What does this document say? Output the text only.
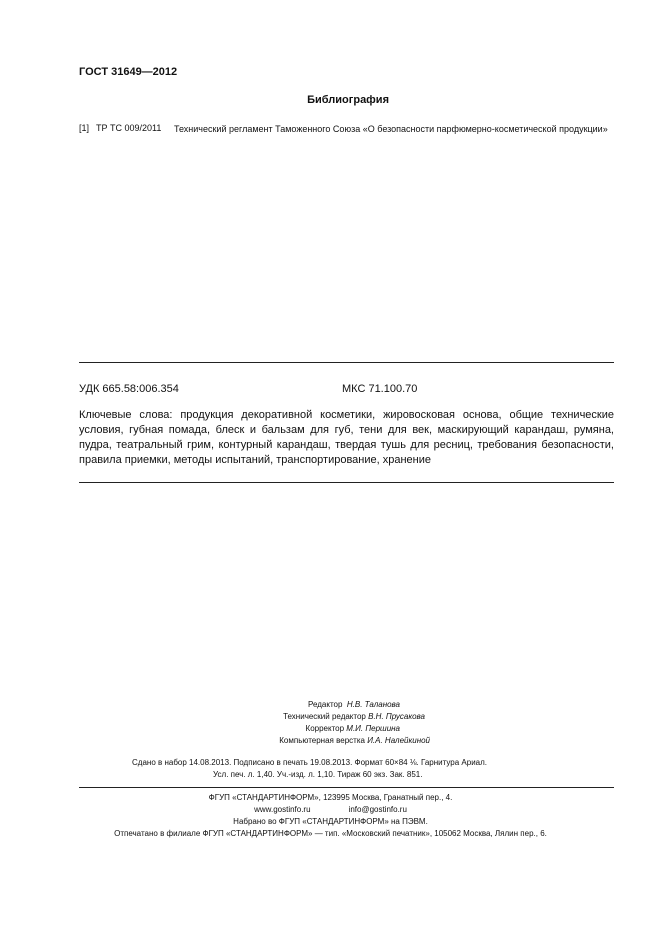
ГОСТ 31649—2012
Библиография
[1] ТР ТС 009/2011 Технический регламент Таможенного Союза «О безопасности парфюмерно-косметической продукции»
УДК 665.58:006.354	МКС 71.100.70
Ключевые слова: продукция декоративной косметики, жировосковая основа, общие технические условия, губная помада, блеск и бальзам для губ, тени для век, маскирующий карандаш, румяна, пудра, театральный грим, контурный карандаш, твердая тушь для ресниц, требования безопасности, правила приемки, методы испытаний, транспортирование, хранение
Редактор Н.В. Таланова
Технический редактор В.Н. Прусакова
Корректор М.И. Першина
Компьютерная верстка И.А. Налейкиной
Сдано в набор 14.08.2013. Подписано в печать 19.08.2013. Формат 60×84 ⅛. Гарнитура Ариал.
Усл. печ. л. 1,40. Уч.-изд. л. 1,10. Тираж 60 экз. Зак. 851.
ФГУП «СТАНДАРТИНФОРМ», 123995 Москва, Гранатный пер., 4.
www.gostinfo.ru	info@gostinfo.ru
Набрано во ФГУП «СТАНДАРТИНФОРМ» на ПЭВМ.
Отпечатано в филиале ФГУП «СТАНДАРТИНФОРМ» — тип. «Московский печатник», 105062 Москва, Лялин пер., 6.
